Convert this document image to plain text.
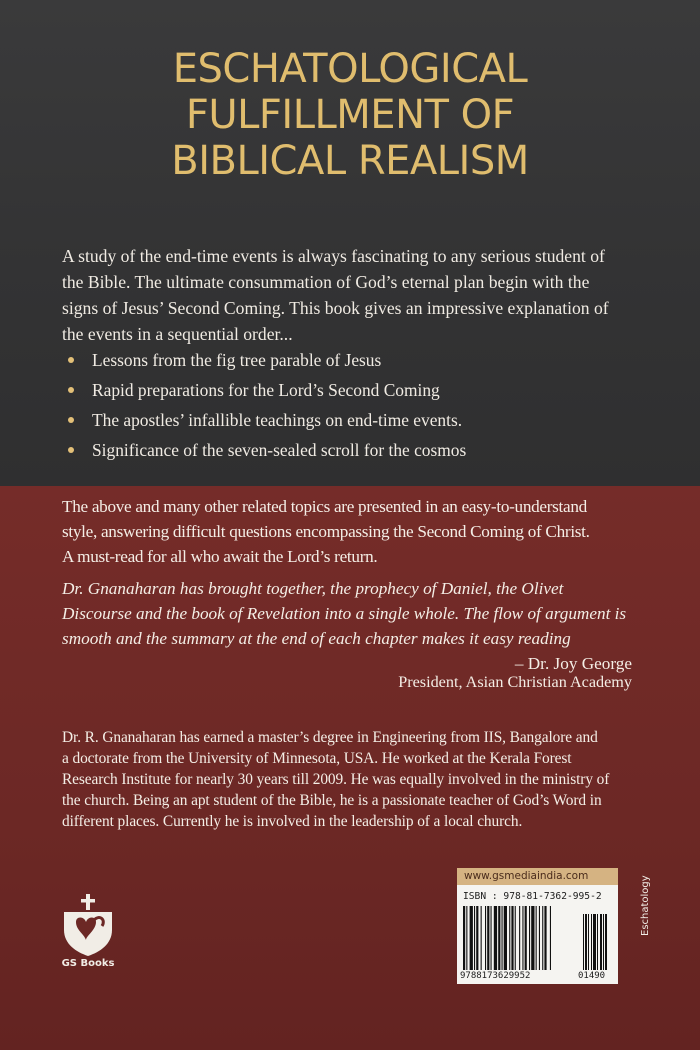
ESCHATOLOGICAL
FULFILLMENT OF
BIBLICAL REALISM
A study of the end-time events is always fascinating to any serious student of
the Bible. The ultimate consummation of God’s eternal plan begin with the
signs of Jesus’ Second Coming. This book gives an impressive explanation of
the events in a sequential order...
Lessons from the fig tree parable of Jesus
Rapid preparations for the Lord’s Second Coming
The apostles’ infallible teachings on end-time events.
Significance of the seven-sealed scroll for the cosmos
The above and many other related topics are presented in an easy-to-understand
style, answering difficult questions encompassing the Second Coming of Christ.
A must-read for all who await the Lord’s return.
Dr. Gnanaharan has brought together, the prophecy of Daniel, the Olivet
Discourse and the book of Revelation into a single whole. The flow of argument is
smooth and the summary at the end of each chapter makes it easy reading
– Dr. Joy George
President, Asian Christian Academy
Dr. R. Gnanaharan has earned a master’s degree in Engineering from IIS, Bangalore and
a doctorate from the University of Minnesota, USA. He worked at the Kerala Forest
Research Institute for nearly 30 years till 2009. He was equally involved in the ministry of
the church. Being an apt student of the Bible, he is a passionate teacher of God’s Word in
different places. Currently he is involved in the leadership of a local church.
GS Books
www.gsmediaindia.com
ISBN : 978-81-7362-995-2
9788173629952	01490
Eschatology
